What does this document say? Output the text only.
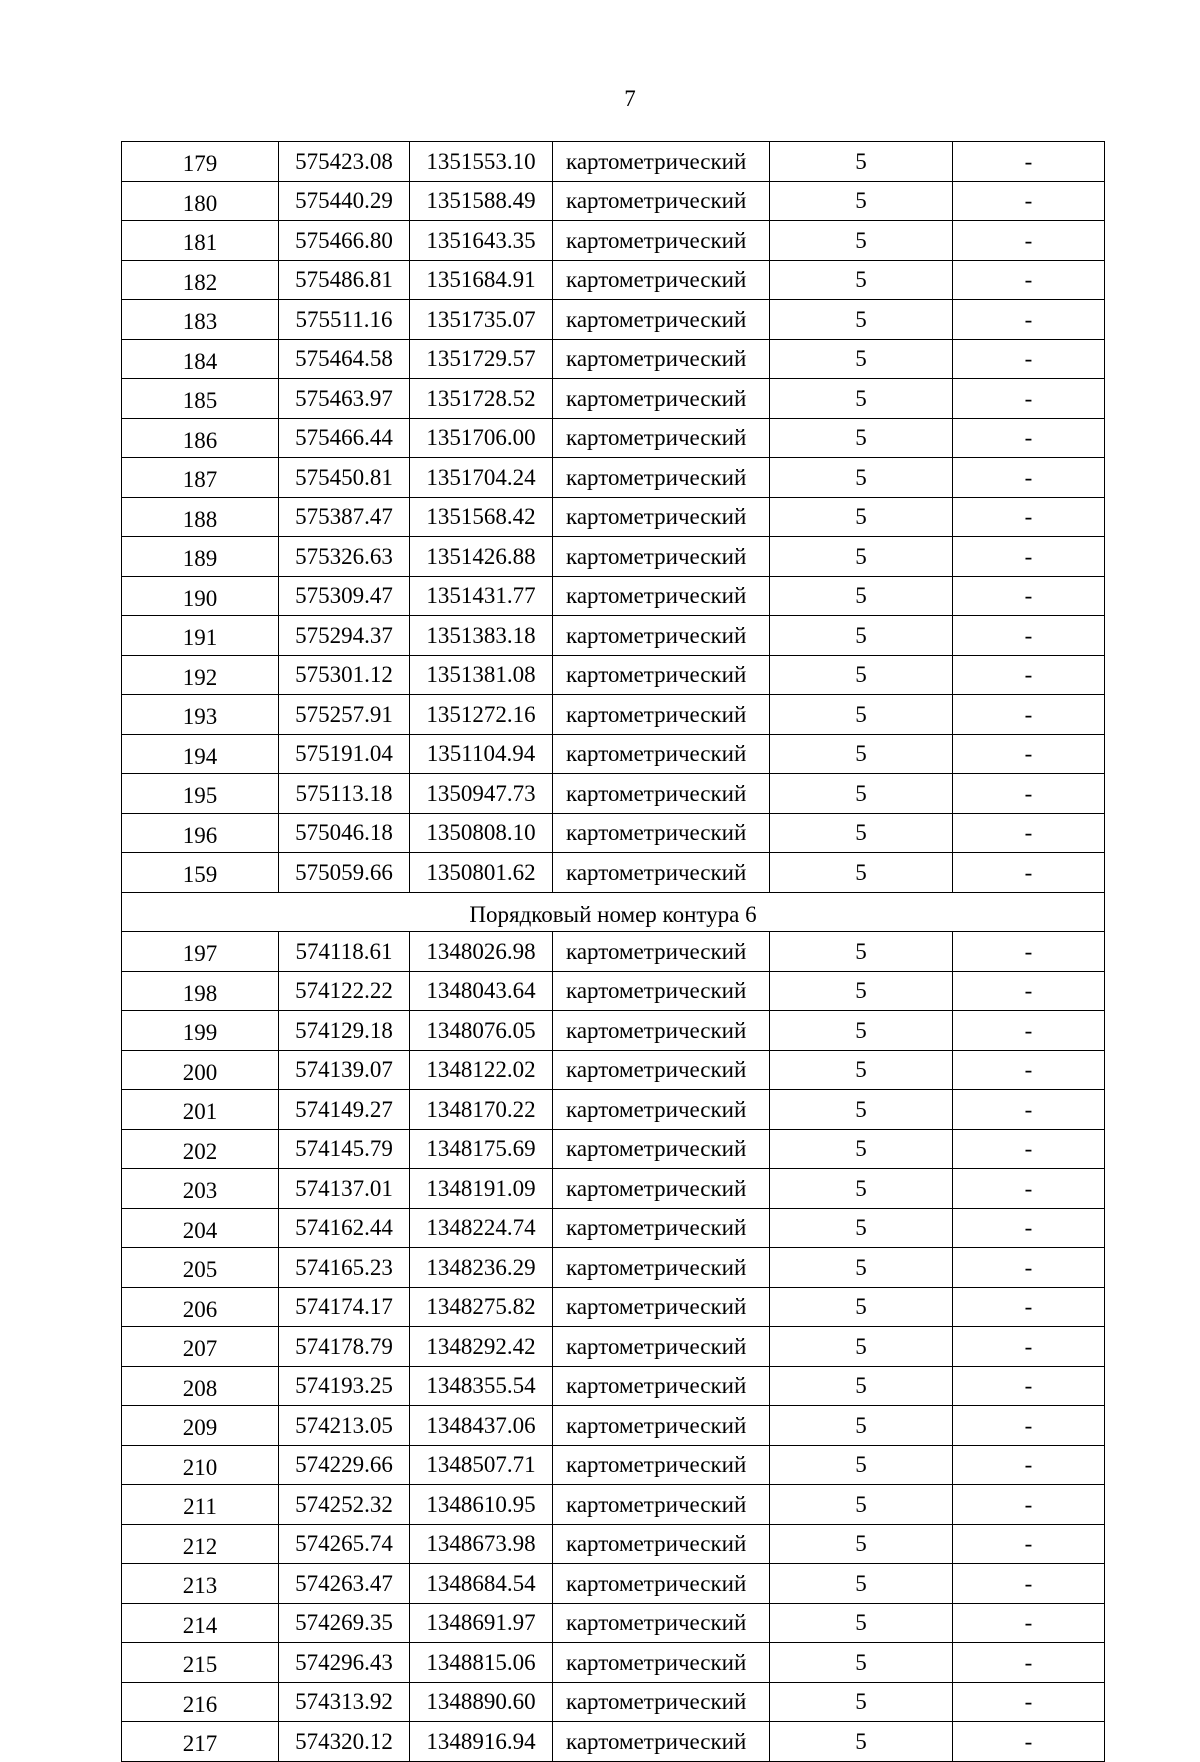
7
179	575423.08	1351553.10	картометрический	5	-
180	575440.29	1351588.49	картометрический	5	-
181	575466.80	1351643.35	картометрический	5	-
182	575486.81	1351684.91	картометрический	5	-
183	575511.16	1351735.07	картометрический	5	-
184	575464.58	1351729.57	картометрический	5	-
185	575463.97	1351728.52	картометрический	5	-
186	575466.44	1351706.00	картометрический	5	-
187	575450.81	1351704.24	картометрический	5	-
188	575387.47	1351568.42	картометрический	5	-
189	575326.63	1351426.88	картометрический	5	-
190	575309.47	1351431.77	картометрический	5	-
191	575294.37	1351383.18	картометрический	5	-
192	575301.12	1351381.08	картометрический	5	-
193	575257.91	1351272.16	картометрический	5	-
194	575191.04	1351104.94	картометрический	5	-
195	575113.18	1350947.73	картометрический	5	-
196	575046.18	1350808.10	картометрический	5	-
159	575059.66	1350801.62	картометрический	5	-
Порядковый номер контура 6					
197	574118.61	1348026.98	картометрический	5	-
198	574122.22	1348043.64	картометрический	5	-
199	574129.18	1348076.05	картометрический	5	-
200	574139.07	1348122.02	картометрический	5	-
201	574149.27	1348170.22	картометрический	5	-
202	574145.79	1348175.69	картометрический	5	-
203	574137.01	1348191.09	картометрический	5	-
204	574162.44	1348224.74	картометрический	5	-
205	574165.23	1348236.29	картометрический	5	-
206	574174.17	1348275.82	картометрический	5	-
207	574178.79	1348292.42	картометрический	5	-
208	574193.25	1348355.54	картометрический	5	-
209	574213.05	1348437.06	картометрический	5	-
210	574229.66	1348507.71	картометрический	5	-
211	574252.32	1348610.95	картометрический	5	-
212	574265.74	1348673.98	картометрический	5	-
213	574263.47	1348684.54	картометрический	5	-
214	574269.35	1348691.97	картометрический	5	-
215	574296.43	1348815.06	картометрический	5	-
216	574313.92	1348890.60	картометрический	5	-
217	574320.12	1348916.94	картометрический	5	-
